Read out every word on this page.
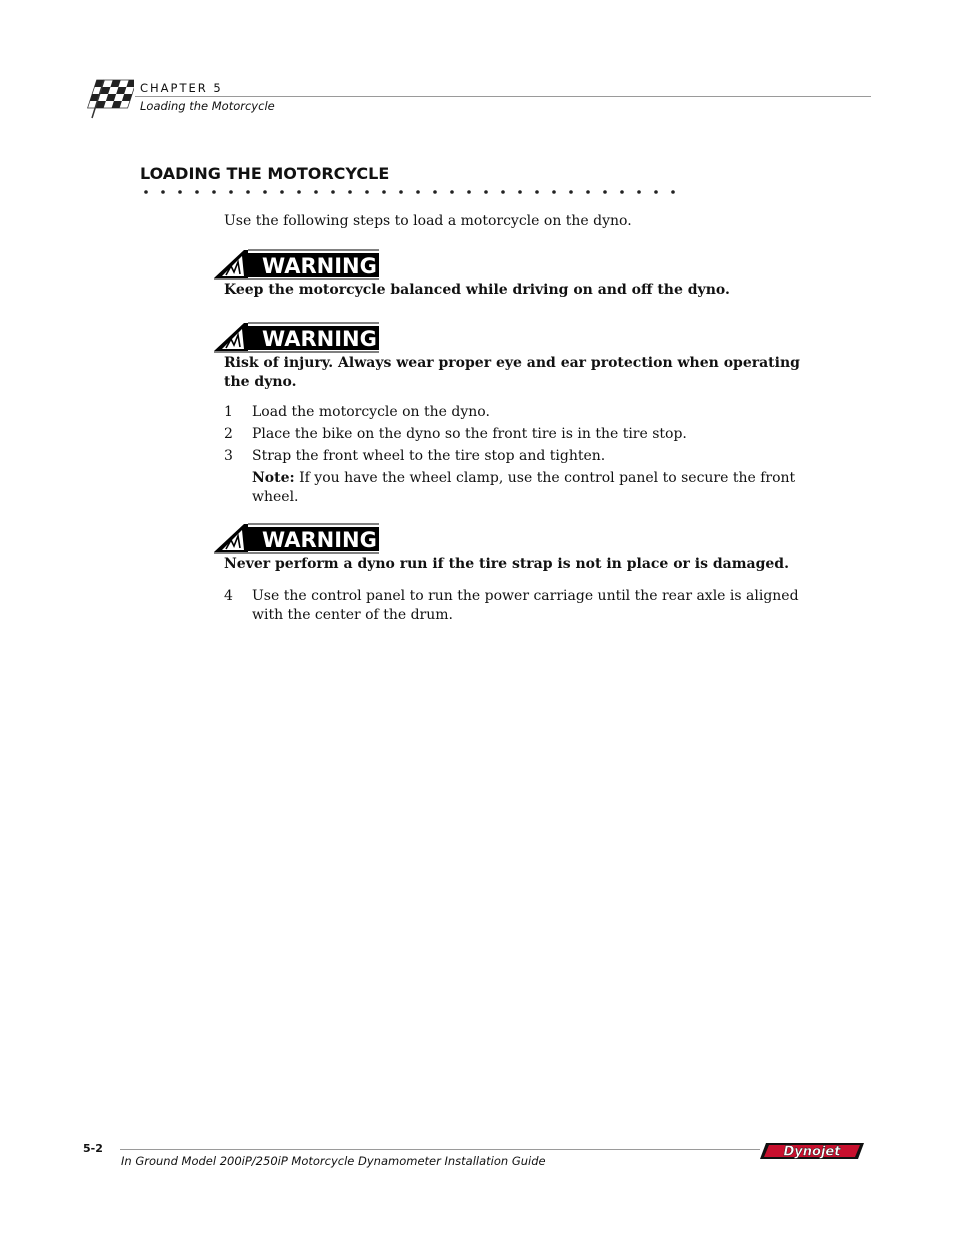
CHAPTER 5
Loading the Motorcycle
LOADING THE MOTORCYCLE
Use the following steps to load a motorcycle on the dyno.
WARNING
Keep the motorcycle balanced while driving on and off the dyno.
WARNING
Risk of injury. Always wear proper eye and ear protection when operating the dyno.
1 Load the motorcycle on the dyno.
2 Place the bike on the dyno so the front tire is in the tire stop.
3 Strap the front wheel to the tire stop and tighten.
Note: If you have the wheel clamp, use the control panel to secure the front wheel.
WARNING
Never perform a dyno run if the tire strap is not in place or is damaged.
4 Use the control panel to run the power carriage until the rear axle is aligned with the center of the drum.
5-2
In Ground Model 200iP/250iP Motorcycle Dynamometer Installation Guide
Dynojet
